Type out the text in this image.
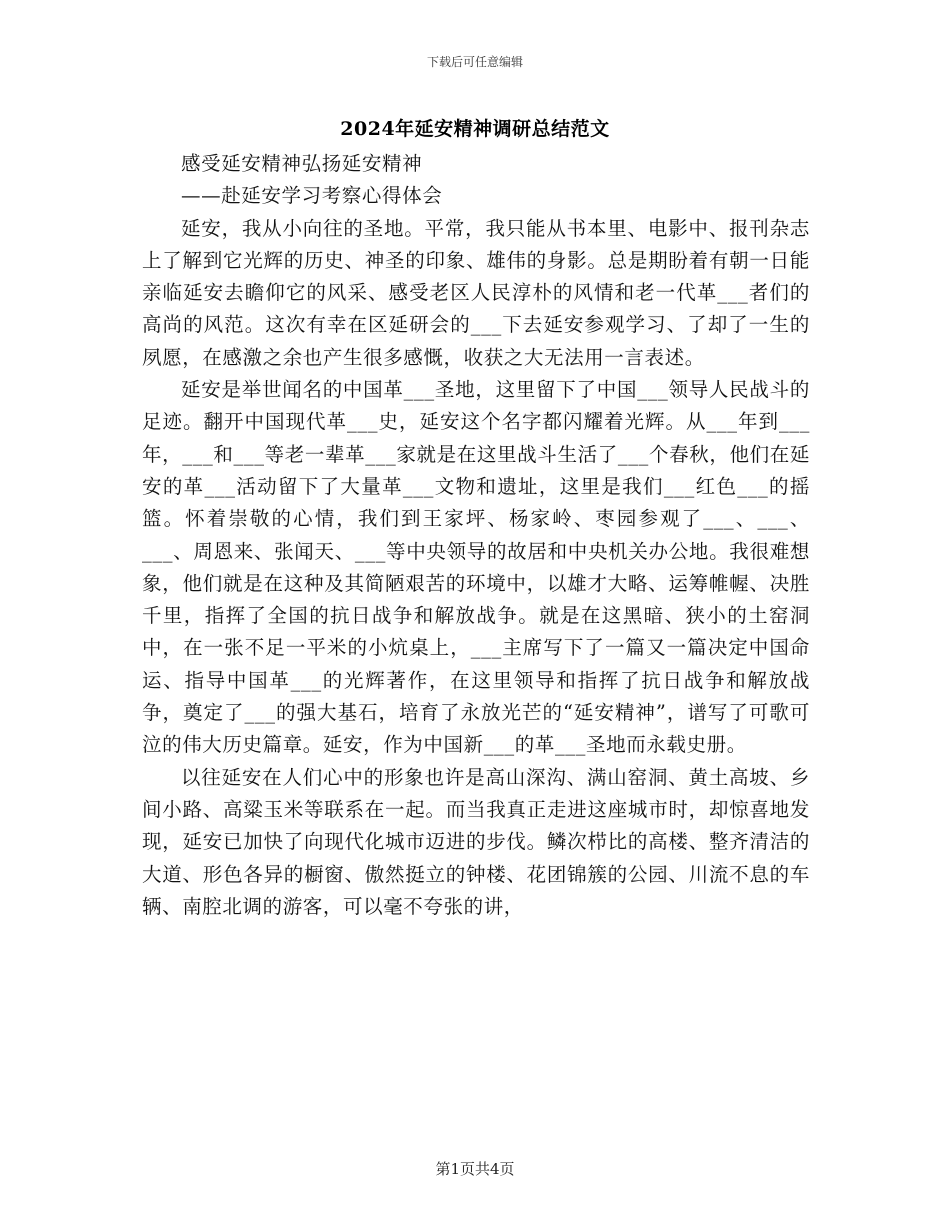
下载后可任意编辑
2024年延安精神调研总结范文

感受延安精神弘扬延安精神

——赴延安学习考察心得体会

延安，我从小向往的圣地。平常，我只能从书本里、电影中、报刊杂志上了解到它光辉的历史、神圣的印象、雄伟的身影。总是期盼着有朝一日能亲临延安去瞻仰它的风采、感受老区人民淳朴的风情和老一代革___者们的高尚的风范。这次有幸在区延研会的___下去延安参观学习、了却了一生的夙愿，在感激之余也产生很多感慨，收获之大无法用一言表述。

延安是举世闻名的中国革___圣地，这里留下了中国___领导人民战斗的足迹。翻开中国现代革___史，延安这个名字都闪耀着光辉。从___年到___年，___和___等老一辈革___家就是在这里战斗生活了___个春秋，他们在延安的革___活动留下了大量革___文物和遗址，这里是我们___红色___的摇篮。怀着崇敬的心情，我们到王家坪、杨家岭、枣园参观了___、___、___、周恩来、张闻天、___等中央领导的故居和中央机关办公地。我很难想象，他们就是在这种及其简陋艰苦的环境中，以雄才大略、运筹帷幄、决胜千里，指挥了全国的抗日战争和解放战争。就是在这黑暗、狭小的土窑洞中，在一张不足一平米的小炕桌上，___主席写下了一篇又一篇决定中国命运、指导中国革___的光辉著作，在这里领导和指挥了抗日战争和解放战争，奠定了___的强大基石，培育了永放光芒的“延安精神”，谱写了可歌可泣的伟大历史篇章。延安，作为中国新___的革___圣地而永载史册。

以往延安在人们心中的形象也许是高山深沟、满山窑洞、黄土高坡、乡间小路、高粱玉米等联系在一起。而当我真正走进这座城市时，却惊喜地发现，延安已加快了向现代化城市迈进的步伐。鳞次栉比的高楼、整齐清洁的大道、形色各异的橱窗、傲然挺立的钟楼、花团锦簇的公园、川流不息的车辆、南腔北调的游客，可以毫不夸张的讲，

第1页共4页
